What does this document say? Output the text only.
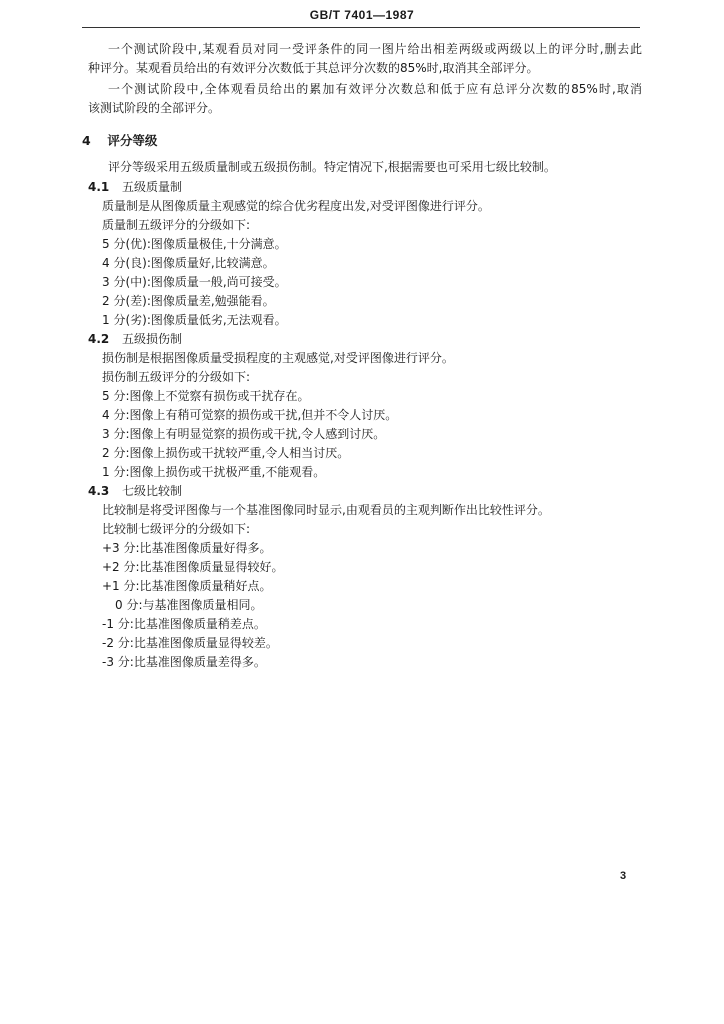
GB/T 7401—1987
一个测试阶段中,某观看员对同一受评条件的同一图片给出相差两级或两级以上的评分时,删去此
种评分。某观看员给出的有效评分次数低于其总评分次数的85%时,取消其全部评分。
一个测试阶段中,全体观看员给出的累加有效评分次数总和低于应有总评分次数的85%时,取消
该测试阶段的全部评分。
4 评分等级
评分等级采用五级质量制或五级损伤制。特定情况下,根据需要也可采用七级比较制。
4.1 五级质量制
质量制是从图像质量主观感觉的综合优劣程度出发,对受评图像进行评分。
质量制五级评分的分级如下:
5 分(优):图像质量极佳,十分满意。
4 分(良):图像质量好,比较满意。
3 分(中):图像质量一般,尚可接受。
2 分(差):图像质量差,勉强能看。
1 分(劣):图像质量低劣,无法观看。
4.2 五级损伤制
损伤制是根据图像质量受损程度的主观感觉,对受评图像进行评分。
损伤制五级评分的分级如下:
5 分:图像上不觉察有损伤或干扰存在。
4 分:图像上有稍可觉察的损伤或干扰,但并不令人讨厌。
3 分:图像上有明显觉察的损伤或干扰,令人感到讨厌。
2 分:图像上损伤或干扰较严重,令人相当讨厌。
1 分:图像上损伤或干扰极严重,不能观看。
4.3 七级比较制
比较制是将受评图像与一个基准图像同时显示,由观看员的主观判断作出比较性评分。
比较制七级评分的分级如下:
+3 分:比基准图像质量好得多。
+2 分:比基准图像质量显得较好。
+1 分:比基准图像质量稍好点。
0 分:与基准图像质量相同。
-1 分:比基准图像质量稍差点。
-2 分:比基准图像质量显得较差。
-3 分:比基准图像质量差得多。
3
